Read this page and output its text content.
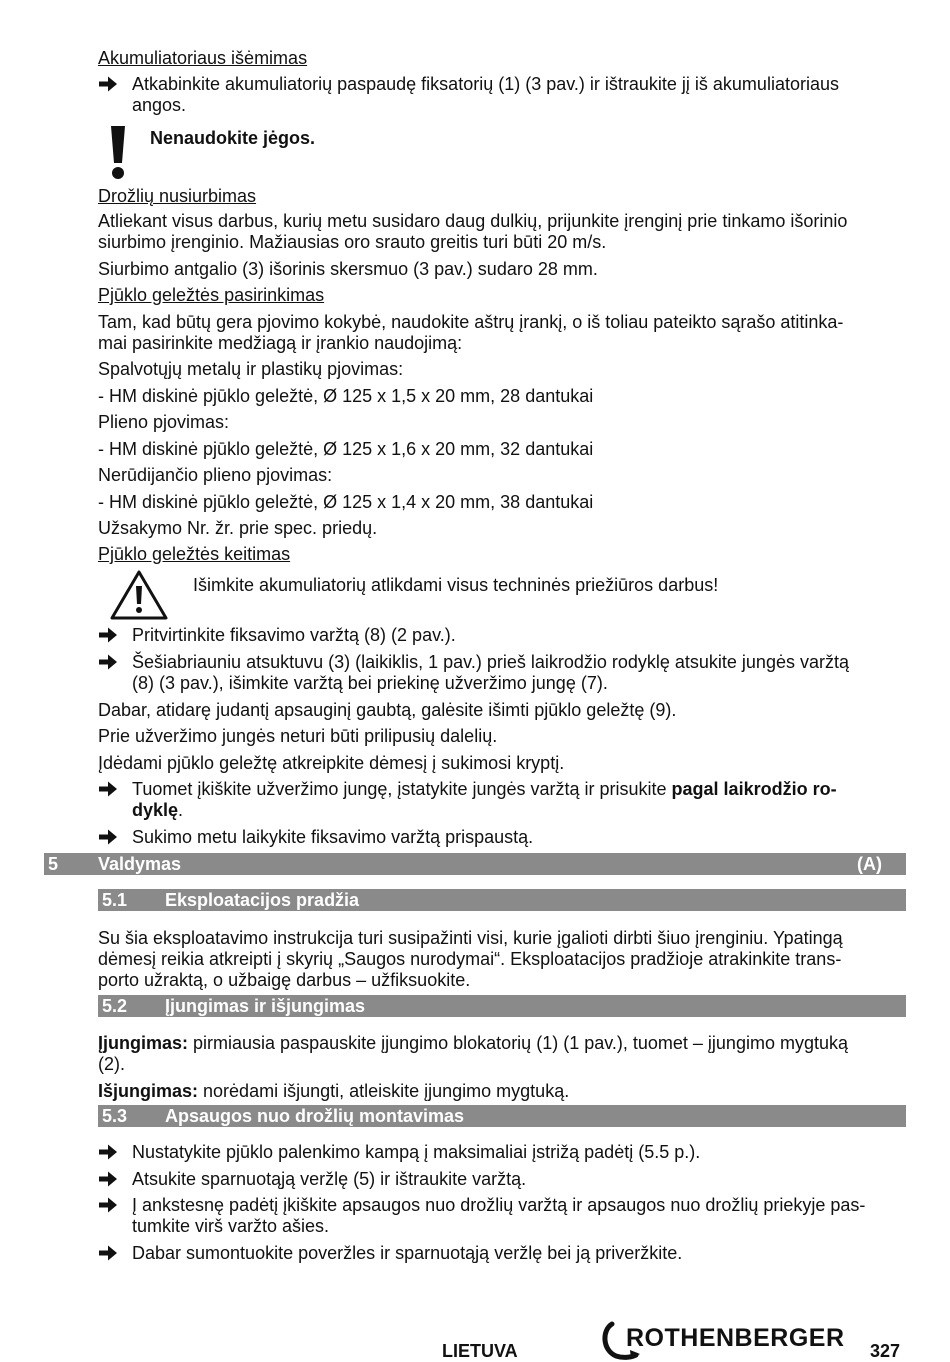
Akumuliatoriaus išėmimas
Atkabinkite akumuliatorių paspaudę fiksatorių (1) (3 pav.) ir ištraukite jį iš akumuliatoriaus
angos.
Nenaudokite jėgos.
Drožlių nusiurbimas
Atliekant visus darbus, kurių metu susidaro daug dulkių, prijunkite įrenginį prie tinkamo išorinio
siurbimo įrenginio. Mažiausias oro srauto greitis turi būti 20 m/s.
Siurbimo antgalio (3) išorinis skersmuo (3 pav.) sudaro 28 mm.
Pjūklo geležtės pasirinkimas
Tam, kad būtų gera pjovimo kokybė, naudokite aštrų įrankį, o iš toliau pateikto sąrašo atitinka-
mai pasirinkite medžiagą ir įrankio naudojimą:
Spalvotųjų metalų ir plastikų pjovimas:
- HM diskinė pjūklo geležtė, Ø 125 x 1,5 x 20 mm, 28 dantukai
Plieno pjovimas:
- HM diskinė pjūklo geležtė, Ø 125 x 1,6 x 20 mm, 32 dantukai
Nerūdijančio plieno pjovimas:
- HM diskinė pjūklo geležtė, Ø 125 x 1,4 x 20 mm, 38 dantukai
Užsakymo Nr. žr. prie spec. priedų.
Pjūklo geležtės keitimas
Išimkite akumuliatorių atlikdami visus techninės priežiūros darbus!
Pritvirtinkite fiksavimo varžtą (8) (2 pav.).
Šešiabriauniu atsuktuvu (3) (laikiklis, 1 pav.) prieš laikrodžio rodyklę atsukite jungės varžtą
(8) (3 pav.), išimkite varžtą bei priekinę užveržimo jungę (7).
Dabar, atidarę judantį apsauginį gaubtą, galėsite išimti pjūklo geležtę (9).
Prie užveržimo jungės neturi būti prilipusių dalelių.
Įdėdami pjūklo geležtę atkreipkite dėmesį į sukimosi kryptį.
Tuomet įkiškite užveržimo jungę, įstatykite jungės varžtą ir prisukite pagal laikrodžio ro-
dyklę.
Sukimo metu laikykite fiksavimo varžtą prispaustą.
5 Valdymas	(A)
5.1 Eksploatacijos pradžia
Su šia eksploatavimo instrukcija turi susipažinti visi, kurie įgalioti dirbti šiuo įrenginiu. Ypatingą
dėmesį reikia atkreipti į skyrių „Saugos nurodymai“. Eksploatacijos pradžioje atrakinkite trans-
porto užraktą, o užbaigę darbus – užfiksuokite.
5.2 Įjungimas ir išjungimas
Įjungimas: pirmiausia paspauskite įjungimo blokatorių (1) (1 pav.), tuomet – įjungimo mygtuką
(2).
Išjungimas: norėdami išjungti, atleiskite įjungimo mygtuką.
5.3 Apsaugos nuo drožlių montavimas
Nustatykite pjūklo palenkimo kampą į maksimaliai įstrižą padėtį (5.5 p.).
Atsukite sparnuotąją veržlę (5) ir ištraukite varžtą.
Į ankstesnę padėtį įkiškite apsaugos nuo drožlių varžtą ir apsaugos nuo drožlių priekyje pas-
tumkite virš varžto ašies.
Dabar sumontuokite poveržles ir sparnuotąją veržlę bei ją priveržkite.
LIETUVA	ROTHENBERGER 327
